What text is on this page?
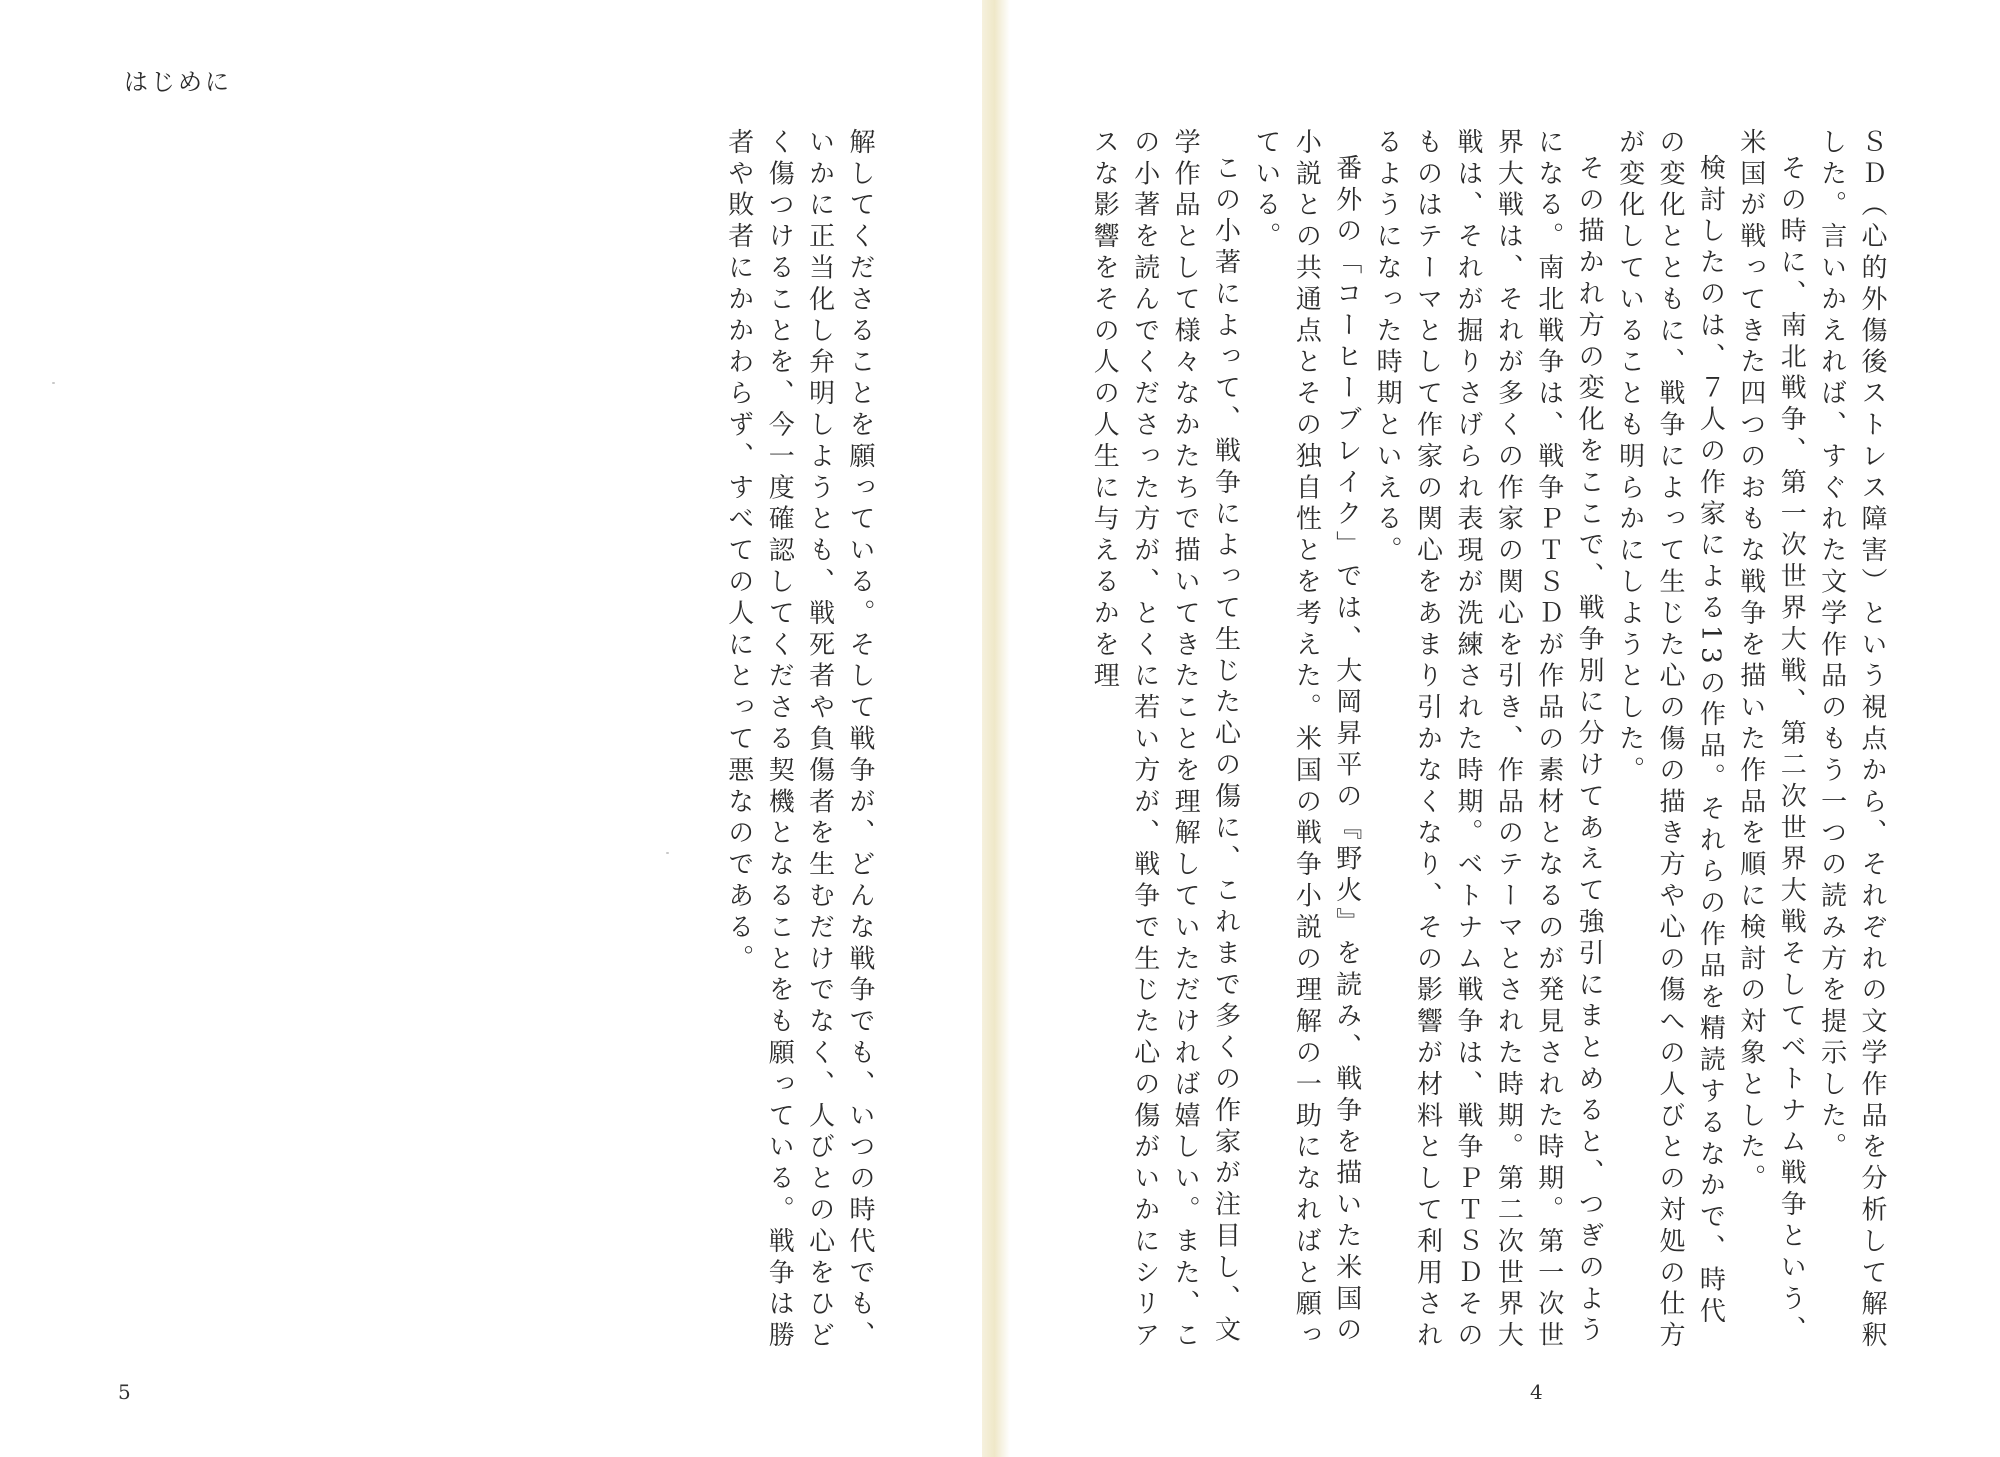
はじめに

解してくださることを願っている。そして戦争が、どんな戦争でも、いつの時代でも、いかに正当化し弁明しようとも、戦死者や負傷者を生むだけでなく、人びとの心をひどく傷つけることを、今一度確認してくださる契機となることをも願っている。戦争は勝者や敗者にかかわらず、すべての人にとって悪なのである。

5

ＳＤ（心的外傷後ストレス障害）という視点から、それぞれの文学作品を分析して解釈した。言いかえれば、すぐれた文学作品のもう一つの読み方を提示した。

その時に、南北戦争、第一次世界大戦、第二次世界大戦そしてベトナム戦争という、米国が戦ってきた四つのおもな戦争を描いた作品を順に検討の対象とした。

検討したのは、７人の作家による13の作品。それらの作品を精読するなかで、時代の変化とともに、戦争によって生じた心の傷の描き方や心の傷への人びとの対処の仕方が変化していることも明らかにしようとした。

その描かれ方の変化をここで、戦争別に分けてあえて強引にまとめると、つぎのようになる。南北戦争は、戦争ＰＴＳＤが作品の素材となるのが発見された時期。第一次世界大戦は、それが多くの作家の関心を引き、作品のテーマとされた時期。第二次世界大戦は、それが掘りさげられ表現が洗練された時期。ベトナム戦争は、戦争ＰＴＳＤそのものはテーマとして作家の関心をあまり引かなくなり、その影響が材料として利用されるようになった時期といえる。

番外の「コーヒーブレイク」では、大岡昇平の『野火』を読み、戦争を描いた米国の小説との共通点とその独自性とを考えた。米国の戦争小説の理解の一助になればと願っている。

この小著によって、戦争によって生じた心の傷に、これまで多くの作家が注目し、文学作品として様々なかたちで描いてきたことを理解していただければ嬉しい。また、この小著を読んでくださった方が、とくに若い方が、戦争で生じた心の傷がいかにシリアスな影響をその人の人生に与えるかを理

4
